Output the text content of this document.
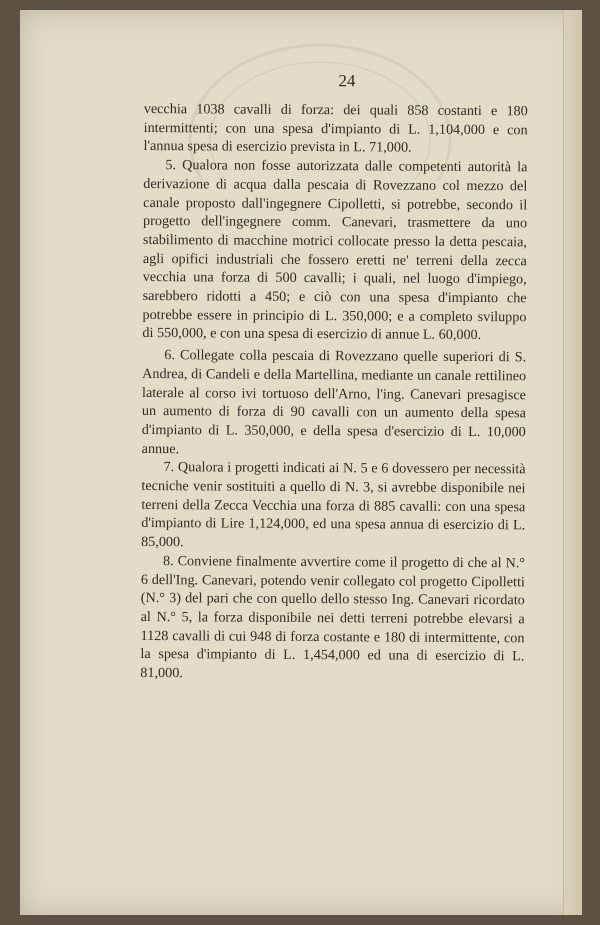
24

vecchia 1038 cavalli di forza: dei quali 858 costanti e 180 intermittenti; con una spesa d'impianto di L. 1,104,000 e con l'annua spesa di esercizio prevista in L. 71,000.

5. Qualora non fosse autorizzata dalle competenti autorità la derivazione di acqua dalla pescaia di Rovezzano col mezzo del canale proposto dall'ingegnere Cipolletti, si potrebbe, secondo il progetto dell'ingegnere comm. Canevari, trasmettere da uno stabilimento di macchine motrici collocate presso la detta pescaia, agli opifici industriali che fossero eretti ne' terreni della zecca vecchia una forza di 500 cavalli; i quali, nel luogo d'impiego, sarebbero ridotti a 450; e ciò con una spesa d'impianto che potrebbe essere in principio di L. 350,000; e a completo sviluppo di 550,000, e con una spesa di esercizio di annue L. 60,000.

6. Collegate colla pescaia di Rovezzano quelle superiori di S. Andrea, di Candeli e della Martellina, mediante un canale rettilineo laterale al corso ivi tortuoso dell'Arno, l'ing. Canevari presagisce un aumento di forza di 90 cavalli con un aumento della spesa d'impianto di L. 350,000, e della spesa d'esercizio di L. 10,000 annue.

7. Qualora i progetti indicati ai N. 5 e 6 dovessero per necessità tecniche venir sostituiti a quello di N. 3, si avrebbe disponibile nei terreni della Zecca Vecchia una forza di 885 cavalli: con una spesa d'impianto di Lire 1,124,000, ed una spesa annua di esercizio di L. 85,000.

8. Conviene finalmente avvertire come il progetto di che al N.° 6 dell'Ing. Canevari, potendo venir collegato col progetto Cipolletti (N.° 3) del pari che con quello dello stesso Ing. Canevari ricordato al N.° 5, la forza disponibile nei detti terreni potrebbe elevarsi a 1128 cavalli di cui 948 di forza costante e 180 di intermittente, con la spesa d'impianto di L. 1,454,000 ed una di esercizio di L. 81,000.
